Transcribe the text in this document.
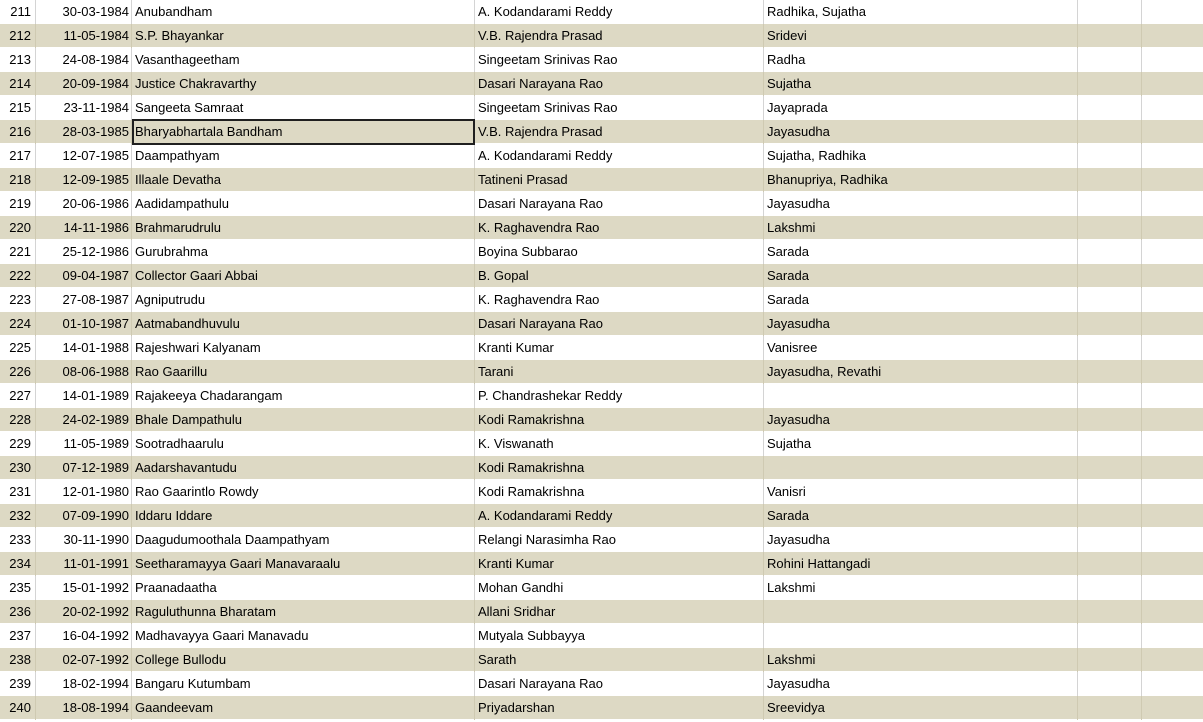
211	30-03-1984 Anubandham	A. Kodandarami Reddy	Radhika, Sujatha
212	11-05-1984 S.P. Bhayankar	V.B. Rajendra Prasad	Sridevi
213	24-08-1984 Vasanthageetham	Singeetam Srinivas Rao	Radha
214	20-09-1984 Justice Chakravarthy	Dasari Narayana Rao	Sujatha
215	23-11-1984 Sangeeta Samraat	Singeetam Srinivas Rao	Jayaprada
216	28-03-1985 Bharyabhartala Bandham	V.B. Rajendra Prasad	Jayasudha
217	12-07-1985 Daampathyam	A. Kodandarami Reddy	Sujatha, Radhika
218	12-09-1985 Illaale Devatha	Tatineni Prasad	Bhanupriya, Radhika
219	20-06-1986 Aadidampathulu	Dasari Narayana Rao	Jayasudha
220	14-11-1986 Brahmarudrulu	K. Raghavendra Rao	Lakshmi
221	25-12-1986 Gurubrahma	Boyina Subbarao	Sarada
222	09-04-1987 Collector Gaari Abbai	B. Gopal	Sarada
223	27-08-1987 Agniputrudu	K. Raghavendra Rao	Sarada
224	01-10-1987 Aatmabandhuvulu	Dasari Narayana Rao	Jayasudha
225	14-01-1988 Rajeshwari Kalyanam	Kranti Kumar	Vanisree
226	08-06-1988 Rao Gaarillu	Tarani	Jayasudha, Revathi
227	14-01-1989 Rajakeeya Chadarangam	P. Chandrashekar Reddy
228	24-02-1989 Bhale Dampathulu	Kodi Ramakrishna	Jayasudha
229	11-05-1989 Sootradhaarulu	K. Viswanath	Sujatha
230	07-12-1989 Aadarshavantudu	Kodi Ramakrishna
231	12-01-1980 Rao Gaarintlo Rowdy	Kodi Ramakrishna	Vanisri
232	07-09-1990 Iddaru Iddare	A. Kodandarami Reddy	Sarada
233	30-11-1990 Daagudumoothala Daampathyam	Relangi Narasimha Rao	Jayasudha
234	11-01-1991 Seetharamayya Gaari Manavaraalu	Kranti Kumar	Rohini Hattangadi
235	15-01-1992 Praanadaatha	Mohan Gandhi	Lakshmi
236	20-02-1992 Raguluthunna Bharatam	Allani Sridhar
237	16-04-1992 Madhavayya Gaari Manavadu	Mutyala Subbayya
238	02-07-1992 College Bullodu	Sarath	Lakshmi
239	18-02-1994 Bangaru Kutumbam	Dasari Narayana Rao	Jayasudha
240	18-08-1994 Gaandeevam	Priyadarshan	Sreevidya
